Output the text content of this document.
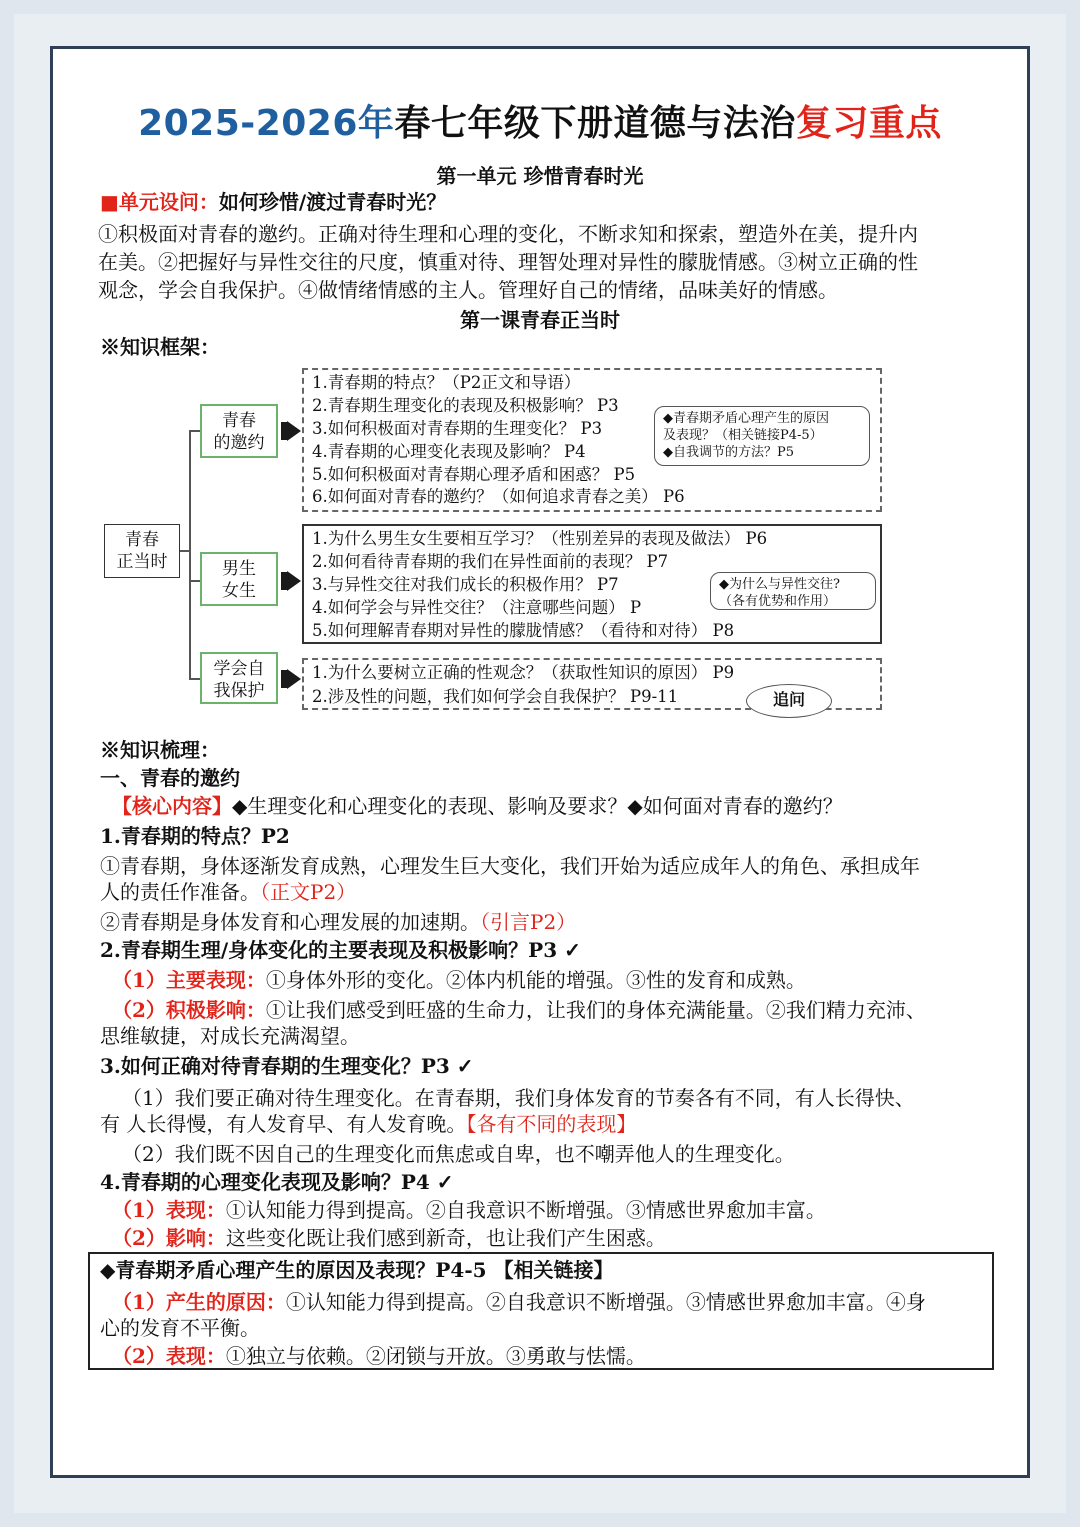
2025-2026年春七年级下册道德与法治复习重点
第一单元 珍惜青春时光
■单元设问：如何珍惜/渡过青春时光？
①积极面对青春的邀约。正确对待生理和心理的变化，不断求知和探索，塑造外在美，提升内
在美。②把握好与异性交往的尺度，慎重对待、理智处理对异性的朦胧情感。③树立正确的性
观念，学会自我保护。④做情绪情感的主人。管理好自己的情绪，品味美好的情感。
第一课青春正当时
※知识框架：
青春
正当时
青春
的邀约
男生
女生
学会自
我保护
1.青春期的特点？（P2正文和导语）
2.青春期生理变化的表现及积极影响？ P3
3.如何积极面对青春期的生理变化？ P3
4.青春期的心理变化表现及影响？ P4
5.如何积极面对青春期心理矛盾和困惑？ P5
6.如何面对青春的邀约？（如何追求青春之美） P6
◆青春期矛盾心理产生的原因
及表现？（相关链接P4-5）
◆自我调节的方法？P5
1.为什么男生女生要相互学习？（性别差异的表现及做法） P6
2.如何看待青春期的我们在异性面前的表现？ P7
3.与异性交往对我们成长的积极作用？ P7
4.如何学会与异性交往？（注意哪些问题） P
5.如何理解青春期对异性的朦胧情感？（看待和对待） P8
◆为什么与异性交往?
（各有优势和作用）
1.为什么要树立正确的性观念？（获取性知识的原因） P9
2.涉及性的问题，我们如何学会自我保护？ P9-11	追问
※知识梳理：
一、青春的邀约
【核心内容】◆生理变化和心理变化的表现、影响及要求？◆如何面对青春的邀约？
1.青春期的特点？P2
①青春期，身体逐渐发育成熟，心理发生巨大变化，我们开始为适应成年人的角色、承担成年
人的责任作准备。（正文P2）
②青春期是身体发育和心理发展的加速期。（引言P2）
2.青春期生理/身体变化的主要表现及积极影响？P3 ✓
（1）主要表现：①身体外形的变化。②体内机能的增强。③性的发育和成熟。
（2）积极影响：①让我们感受到旺盛的生命力，让我们的身体充满能量。②我们精力充沛、
思维敏捷，对成长充满渴望。
3.如何正确对待青春期的生理变化？P3 ✓
（1）我们要正确对待生理变化。在青春期，我们身体发育的节奏各有不同，有人长得快、
有 人长得慢，有人发育早、有人发育晚。【各有不同的表现】
（2）我们既不因自己的生理变化而焦虑或自卑，也不嘲弄他人的生理变化。
4.青春期的心理变化表现及影响？P4 ✓
（1）表现：①认知能力得到提高。②自我意识不断增强。③情感世界愈加丰富。
（2）影响：这些变化既让我们感到新奇，也让我们产生困惑。
◆青春期矛盾心理产生的原因及表现？P4-5 【相关链接】
（1）产生的原因：①认知能力得到提高。②自我意识不断增强。③情感世界愈加丰富。④身
心的发育不平衡。
（2）表现：①独立与依赖。②闭锁与开放。③勇敢与怯懦。
